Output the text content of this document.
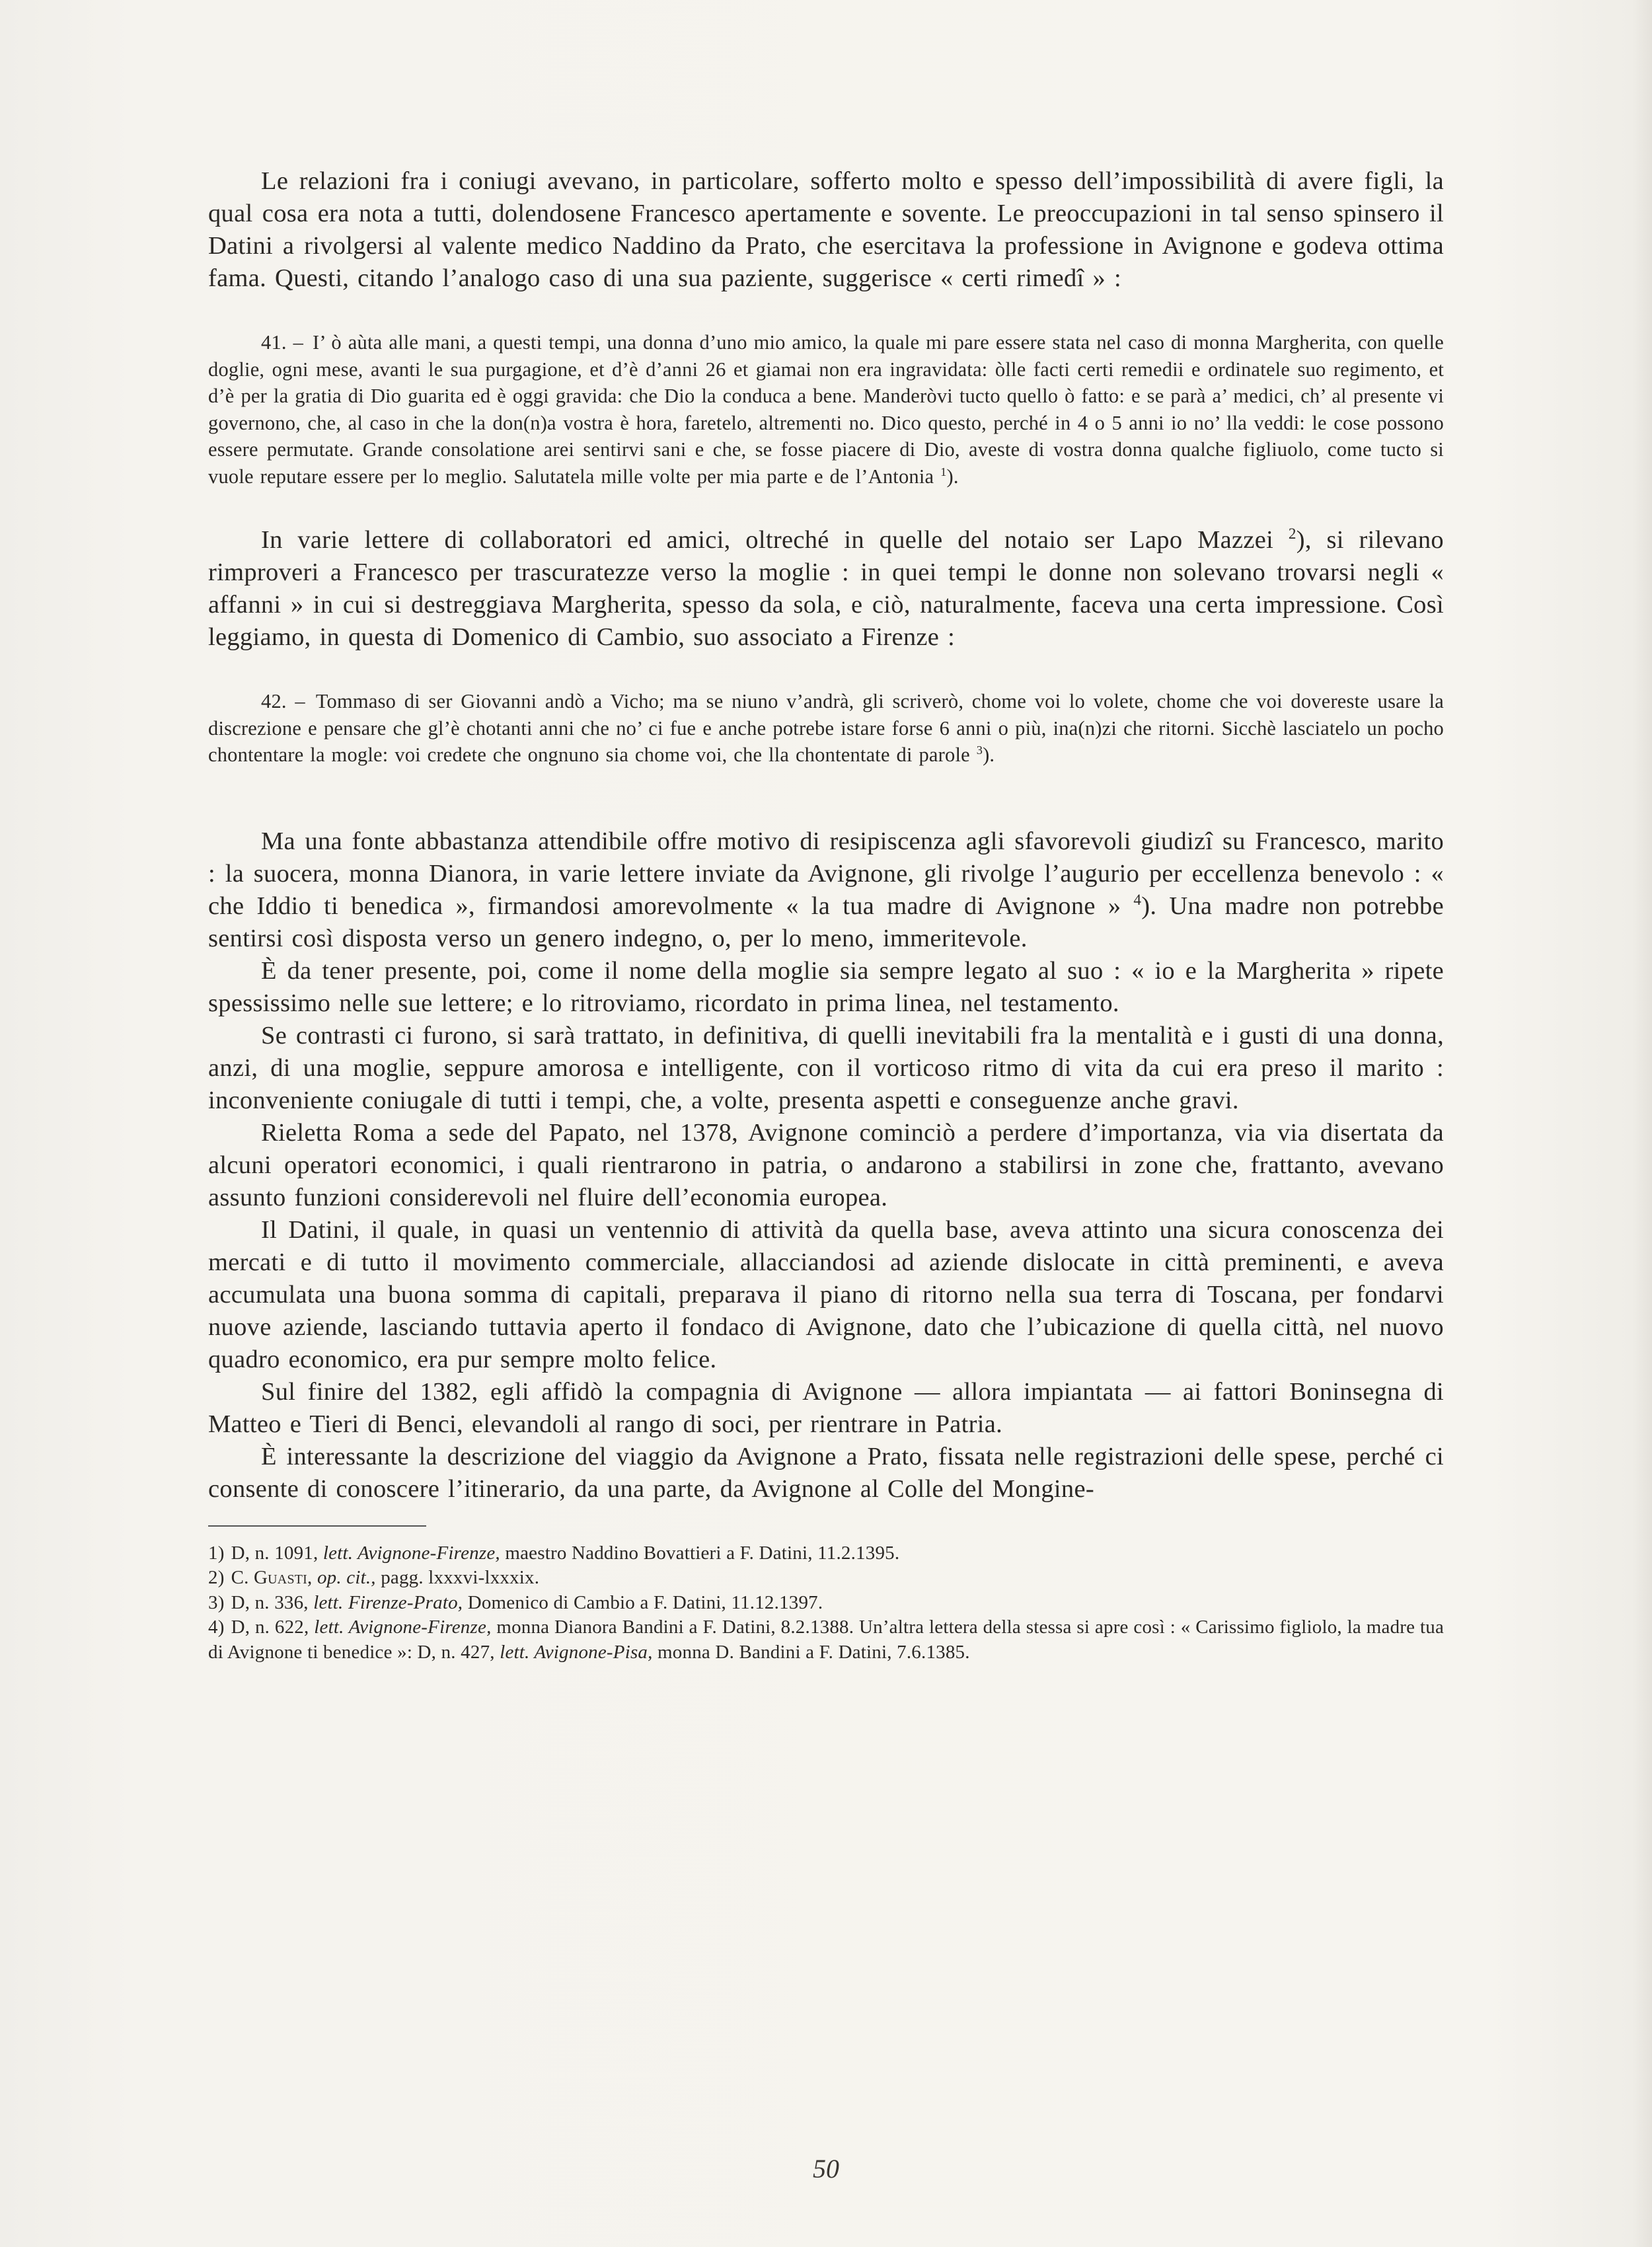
Le relazioni fra i coniugi avevano, in particolare, sofferto molto e spesso dell’impossibilità di avere figli, la qual cosa era nota a tutti, dolendosene Francesco apertamente e sovente. Le preoccupazioni in tal senso spinsero il Datini a rivolgersi al valente medico Naddino da Prato, che esercitava la professione in Avignone e godeva ottima fama. Questi, citando l’analogo caso di una sua paziente, suggerisce « certi rimedî » :

41. – I’ ò aùta alle mani, a questi tempi, una donna d’uno mio amico, la quale mi pare essere stata nel caso di monna Margherita, con quelle doglie, ogni mese, avanti le sua purgagione, et d’è d’anni 26 et giamai non era ingravidata: òlle facti certi remedii e ordinatele suo regimento, et d’è per la gratia di Dio guarita ed è oggi gravida: che Dio la conduca a bene. Manderòvi tucto quello ò fatto: e se parà a’ medici, ch’ al presente vi governono, che, al caso in che la don(n)a vostra è hora, faretelo, altrementi no. Dico questo, perché in 4 o 5 anni io no’ lla veddi: le cose possono essere permutate. Grande consolatione arei sentirvi sani e che, se fosse piacere di Dio, aveste di vostra donna qualche figliuolo, come tucto si vuole reputare essere per lo meglio. Salutatela mille volte per mia parte e de l’Antonia $^1$).

In varie lettere di collaboratori ed amici, oltreché in quelle del notaio ser Lapo Mazzei $^2$), si rilevano rimproveri a Francesco per trascuratezze verso la moglie : in quei tempi le donne non solevano trovarsi negli « affanni » in cui si destreggiava Margherita, spesso da sola, e ciò, naturalmente, faceva una certa impressione. Così leggiamo, in questa di Domenico di Cambio, suo associato a Firenze :

42. – Tommaso di ser Giovanni andò a Vicho; ma se niuno v’andrà, gli scriverò, chome voi lo volete, chome che voi dovereste usare la discrezione e pensare che gl’è chotanti anni che no’ ci fue e anche potrebe istare forse 6 anni o più, ina(n)zi che ritorni. Sicchè lasciatelo un pocho chontentare la mogle: voi credete che ongnuno sia chome voi, che lla chontentate di parole $^3$).

Ma una fonte abbastanza attendibile offre motivo di resipiscenza agli sfavorevoli giudizî su Francesco, marito : la suocera, monna Dianora, in varie lettere inviate da Avignone, gli rivolge l’augurio per eccellenza benevolo : « che Iddio ti benedica », firmandosi amorevolmente « la tua madre di Avignone » $^4$). Una madre non potrebbe sentirsi così disposta verso un genero indegno, o, per lo meno, immeritevole.

È da tener presente, poi, come il nome della moglie sia sempre legato al suo : « io e la Margherita » ripete spessissimo nelle sue lettere; e lo ritroviamo, ricordato in prima linea, nel testamento.

Se contrasti ci furono, si sarà trattato, in definitiva, di quelli inevitabili fra la mentalità e i gusti di una donna, anzi, di una moglie, seppure amorosa e intelligente, con il vorticoso ritmo di vita da cui era preso il marito : inconveniente coniugale di tutti i tempi, che, a volte, presenta aspetti e conseguenze anche gravi.

Rieletta Roma a sede del Papato, nel 1378, Avignone cominciò a perdere d’importanza, via via disertata da alcuni operatori economici, i quali rientrarono in patria, o andarono a stabilirsi in zone che, frattanto, avevano assunto funzioni considerevoli nel fluire dell’economia europea.

Il Datini, il quale, in quasi un ventennio di attività da quella base, aveva attinto una sicura conoscenza dei mercati e di tutto il movimento commerciale, allacciandosi ad aziende dislocate in città preminenti, e aveva accumulata una buona somma di capitali, preparava il piano di ritorno nella sua terra di Toscana, per fondarvi nuove aziende, lasciando tuttavia aperto il fondaco di Avignone, dato che l’ubicazione di quella città, nel nuovo quadro economico, era pur sempre molto felice.

Sul finire del 1382, egli affidò la compagnia di Avignone — allora impiantata — ai fattori Boninsegna di Matteo e Tieri di Benci, elevandoli al rango di soci, per rientrare in Patria.

È interessante la descrizione del viaggio da Avignone a Prato, fissata nelle registrazioni delle spese, perché ci consente di conoscere l’itinerario, da una parte, da Avignone al Colle del Mongine-

1) D, n. 1091, lett. Avignone-Firenze, maestro Naddino Bovattieri a F. Datini, 11.2.1395.

2) C. Guasti, op. cit., pagg. lxxxvi-lxxxix.

3) D, n. 336, lett. Firenze-Prato, Domenico di Cambio a F. Datini, 11.12.1397.

4) D, n. 622, lett. Avignone-Firenze, monna Dianora Bandini a F. Datini, 8.2.1388. Un’altra lettera della stessa si apre così : « Carissimo figliolo, la madre tua di Avignone ti benedice »: D, n. 427, lett. Avignone-Pisa, monna D. Bandini a F. Datini, 7.6.1385.

50
